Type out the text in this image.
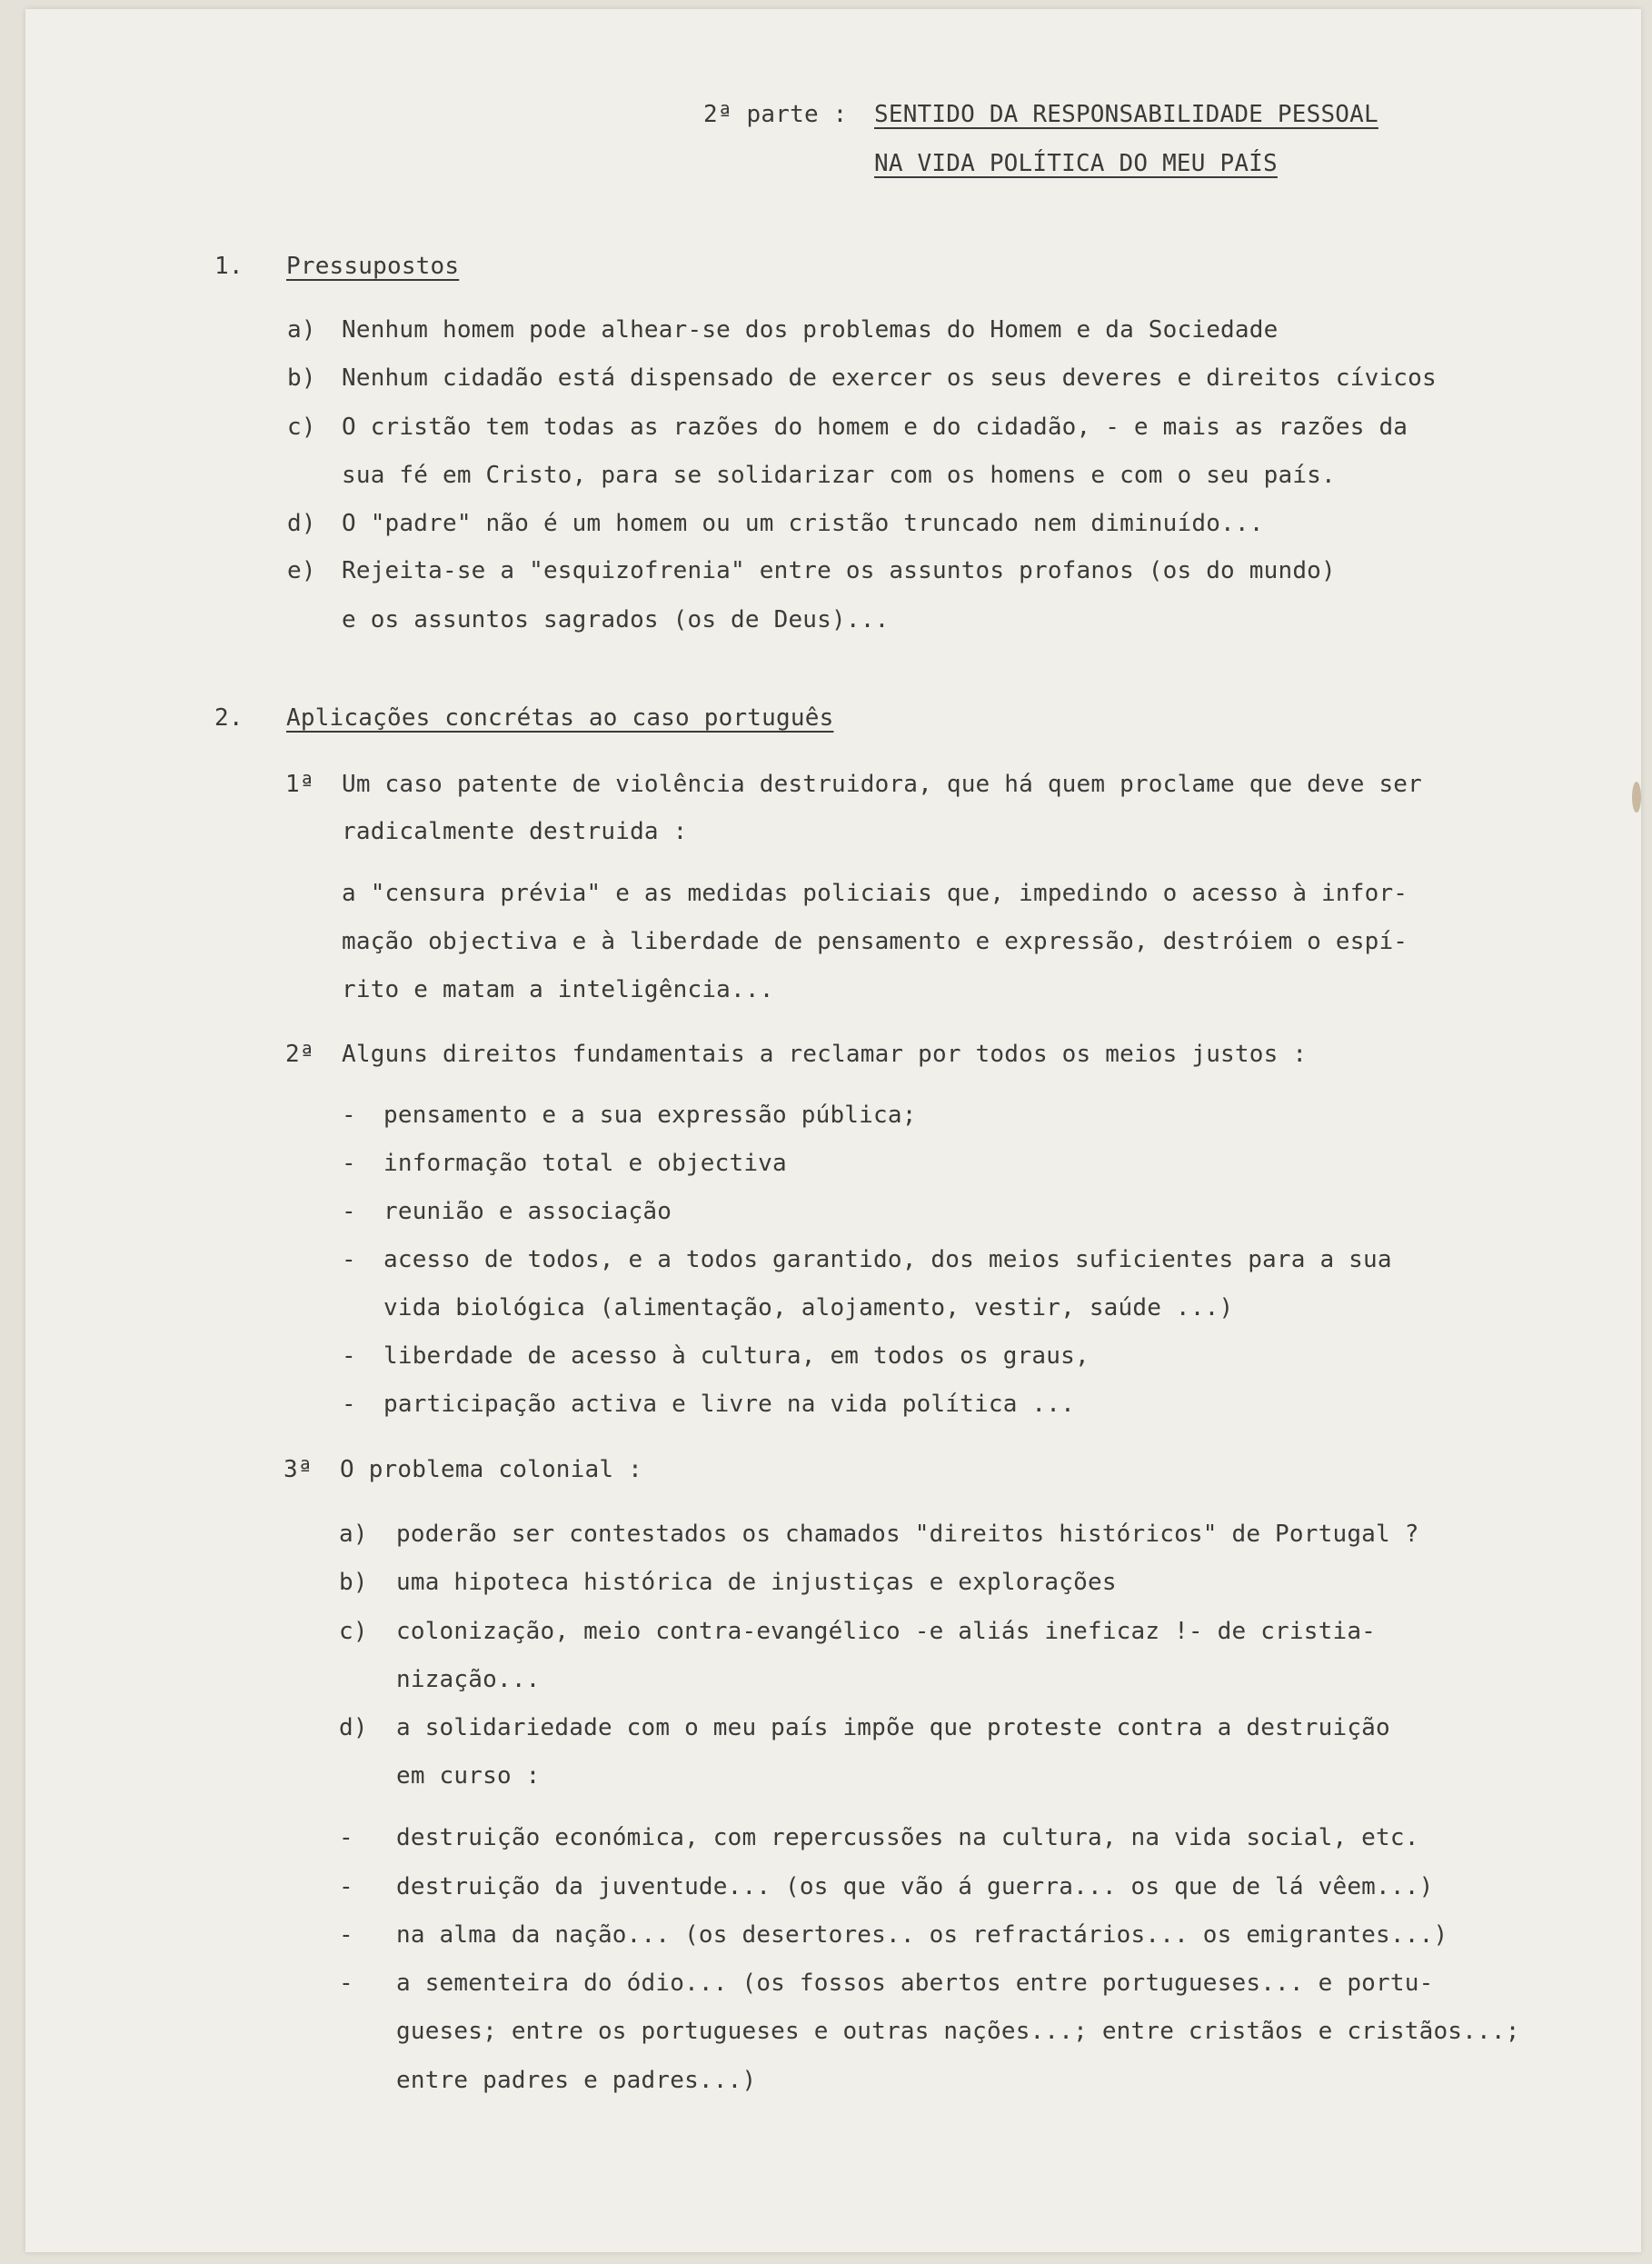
2ª parte : SENTIDO DA RESPONSABILIDADE PESSOAL
NA VIDA POLÍTICA DO MEU PAÍS
1. Pressupostos
a) Nenhum homem pode alhear-se dos problemas do Homem e da Sociedade
b) Nenhum cidadão está dispensado de exercer os seus deveres e direitos cívicos
c) O cristão tem todas as razões do homem e do cidadão, - e mais as razões da
sua fé em Cristo, para se solidarizar com os homens e com o seu país.
d) O "padre" não é um homem ou um cristão truncado nem diminuído...
e) Rejeita-se a "esquizofrenia" entre os assuntos profanos (os do mundo)
e os assuntos sagrados (os de Deus)...
2. Aplicações concrétas ao caso português
1ª Um caso patente de violência destruidora, que há quem proclame que deve ser
radicalmente destruida :
a "censura prévia" e as medidas policiais que, impedindo o acesso à infor-
mação objectiva e à liberdade de pensamento e expressão, destróiem o espí-
rito e matam a inteligência...
2ª Alguns direitos fundamentais a reclamar por todos os meios justos :
- pensamento e a sua expressão pública;
- informação total e objectiva
- reunião e associação
- acesso de todos, e a todos garantido, dos meios suficientes para a sua
vida biológica (alimentação, alojamento, vestir, saúde ...)
- liberdade de acesso à cultura, em todos os graus,
- participação activa e livre na vida política ...
3ª O problema colonial :
a) poderão ser contestados os chamados "direitos históricos" de Portugal ?
b) uma hipoteca histórica de injustiças e explorações
c) colonização, meio contra-evangélico -e aliás ineficaz !- de cristia-
nização...
d) a solidariedade com o meu país impõe que proteste contra a destruição
em curso :
- destruição económica, com repercussões na cultura, na vida social, etc.
- destruição da juventude... (os que vão á guerra... os que de lá vêem...)
- na alma da nação... (os desertores.. os refractários... os emigrantes...)
- a sementeira do ódio... (os fossos abertos entre portugueses... e portu-
gueses; entre os portugueses e outras nações...; entre cristãos e cristãos...;
entre padres e padres...)
